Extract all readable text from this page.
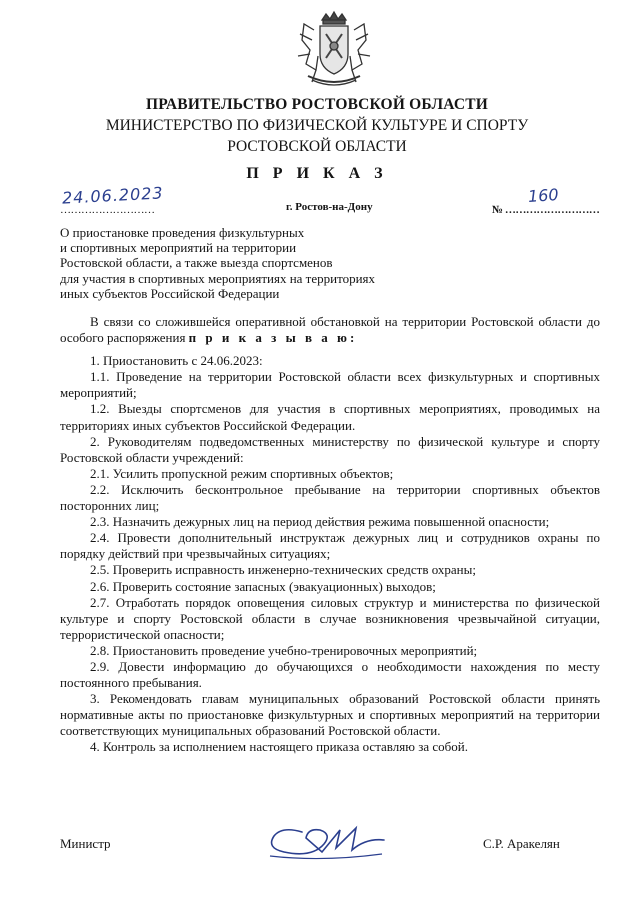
ПРАВИТЕЛЬСТВО РОСТОВСКОЙ ОБЛАСТИ
МИНИСТЕРСТВО ПО ФИЗИЧЕСКОЙ КУЛЬТУРЕ И СПОРТУ
РОСТОВСКОЙ ОБЛАСТИ
П Р И К А З
24.06.2023
………………………	г. Ростов-на-Дону	№ ………………………
160
О приостановке проведения физкультурных
и спортивных мероприятий на территории
Ростовской области, а также выезда спортсменов
для участия в спортивных мероприятиях на территориях
иных субъектов Российской Федерации

В связи со сложившейся оперативной обстановкой на территории Ростовской области до особого распоряжения п р и к а з ы в а ю:

1. Приостановить с 24.06.2023:

1.1. Проведение на территории Ростовской области всех физкультурных и спортивных мероприятий;

1.2. Выезды спортсменов для участия в спортивных мероприятиях, проводимых на территориях иных субъектов Российской Федерации.

2. Руководителям подведомственных министерству по физической культуре и спорту Ростовской области учреждений:

2.1. Усилить пропускной режим спортивных объектов;

2.2. Исключить бесконтрольное пребывание на территории спортивных объектов посторонних лиц;

2.3. Назначить дежурных лиц на период действия режима повышенной опасности;

2.4. Провести дополнительный инструктаж дежурных лиц и сотрудников охраны по порядку действий при чрезвычайных ситуациях;

2.5. Проверить исправность инженерно-технических средств охраны;

2.6. Проверить состояние запасных (эвакуационных) выходов;

2.7. Отработать порядок оповещения силовых структур и министерства по физической культуре и спорту Ростовской области в случае возникновения чрезвычайной ситуации, террористической опасности;

2.8. Приостановить проведение учебно-тренировочных мероприятий;

2.9. Довести информацию до обучающихся о необходимости нахождения по месту постоянного пребывания.

3. Рекомендовать главам муниципальных образований Ростовской области принять нормативные акты по приостановке физкультурных и спортивных мероприятий на территории соответствующих муниципальных образований Ростовской области.

4. Контроль за исполнением настоящего приказа оставляю за собой.

Министр	С.Р. Аракелян
